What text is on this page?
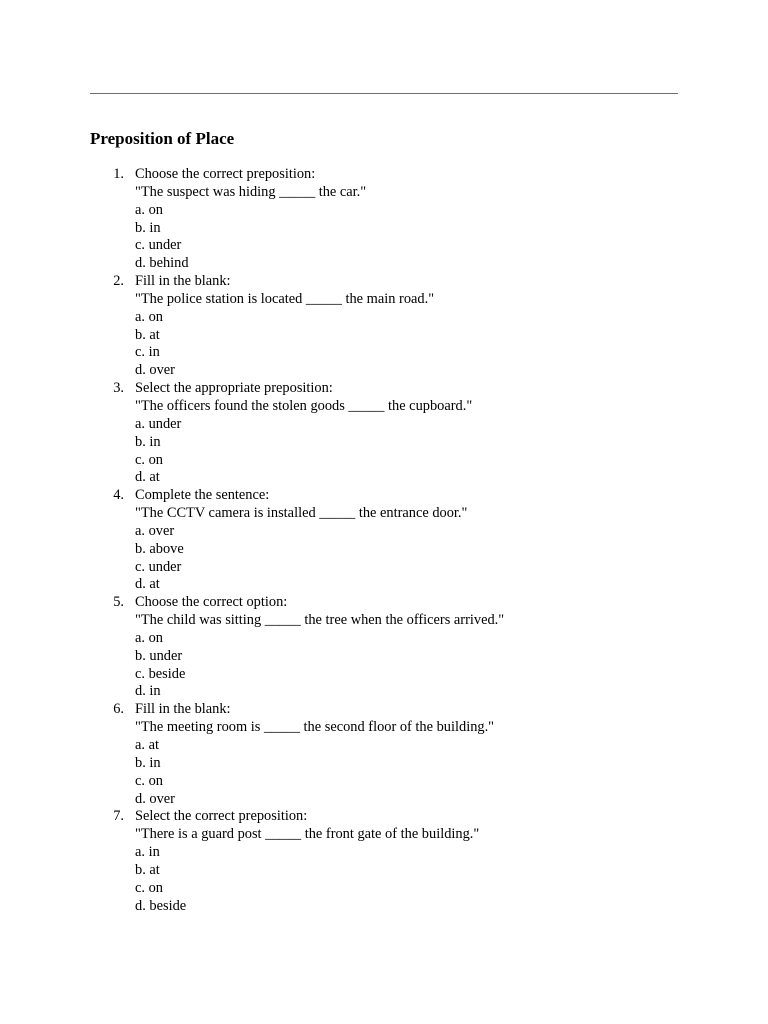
Preposition of Place
1. Choose the correct preposition:
"The suspect was hiding _____ the car."
a. on
b. in
c. under
d. behind
2. Fill in the blank:
"The police station is located _____ the main road."
a. on
b. at
c. in
d. over
3. Select the appropriate preposition:
"The officers found the stolen goods _____ the cupboard."
a. under
b. in
c. on
d. at
4. Complete the sentence:
"The CCTV camera is installed _____ the entrance door."
a. over
b. above
c. under
d. at
5. Choose the correct option:
"The child was sitting _____ the tree when the officers arrived."
a. on
b. under
c. beside
d. in
6. Fill in the blank:
"The meeting room is _____ the second floor of the building."
a. at
b. in
c. on
d. over
7. Select the correct preposition:
"There is a guard post _____ the front gate of the building."
a. in
b. at
c. on
d. beside
